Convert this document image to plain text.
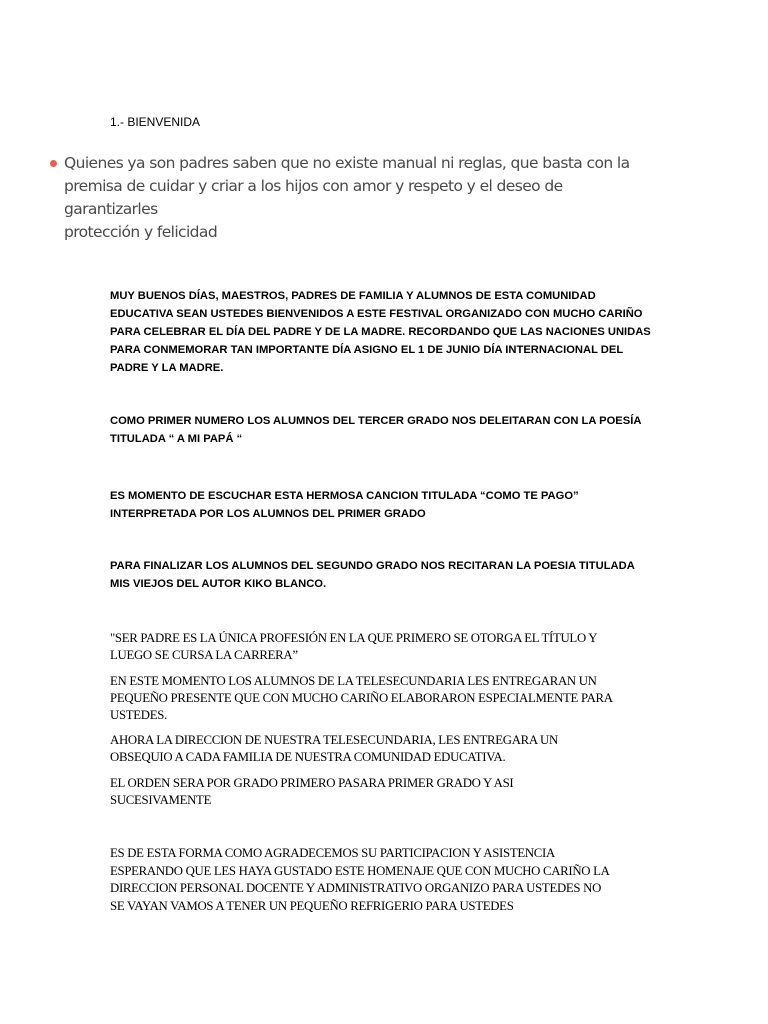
1.- BIENVENIDA
Quienes ya son padres saben que no existe manual ni reglas, que basta con la
premisa de cuidar y criar a los hijos con amor y respeto y el deseo de garantizarles
protección y felicidad

MUY BUENOS DÍAS, MAESTROS, PADRES DE FAMILIA Y ALUMNOS DE ESTA COMUNIDAD
EDUCATIVA SEAN USTEDES BIENVENIDOS A ESTE FESTIVAL ORGANIZADO CON MUCHO CARIÑO
PARA CELEBRAR EL DÍA DEL PADRE Y DE LA MADRE. RECORDANDO QUE LAS NACIONES UNIDAS
PARA CONMEMORAR TAN IMPORTANTE DÍA ASIGNO EL 1 DE JUNIO DÍA INTERNACIONAL DEL
PADRE Y LA MADRE.

COMO PRIMER NUMERO LOS ALUMNOS DEL TERCER GRADO NOS DELEITARAN CON LA POESÍA
TITULADA “ A MI PAPÁ “

ES MOMENTO DE ESCUCHAR ESTA HERMOSA CANCION TITULADA “COMO TE PAGO”
INTERPRETADA POR LOS ALUMNOS DEL PRIMER GRADO

PARA FINALIZAR LOS ALUMNOS DEL SEGUNDO GRADO NOS RECITARAN LA POESIA TITULADA
MIS VIEJOS DEL AUTOR KIKO BLANCO.

"SER PADRE ES LA ÚNICA PROFESIÓN EN LA QUE PRIMERO SE OTORGA EL TÍTULO Y
LUEGO SE CURSA LA CARRERA”

EN ESTE MOMENTO LOS ALUMNOS DE LA TELESECUNDARIA LES ENTREGARAN UN
PEQUEÑO PRESENTE QUE CON MUCHO CARIÑO ELABORARON ESPECIALMENTE PARA
USTEDES.

AHORA LA DIRECCION DE NUESTRA TELESECUNDARIA, LES ENTREGARA UN
OBSEQUIO A CADA FAMILIA DE NUESTRA COMUNIDAD EDUCATIVA.

EL ORDEN SERA POR GRADO PRIMERO PASARA PRIMER GRADO Y ASI
SUCESIVAMENTE

ES DE ESTA FORMA COMO AGRADECEMOS SU PARTICIPACION Y ASISTENCIA
ESPERANDO QUE LES HAYA GUSTADO ESTE HOMENAJE QUE CON MUCHO CARIÑO LA
DIRECCION PERSONAL DOCENTE Y ADMINISTRATIVO ORGANIZO PARA USTEDES NO
SE VAYAN VAMOS A TENER UN PEQUEÑO REFRIGERIO PARA USTEDES
